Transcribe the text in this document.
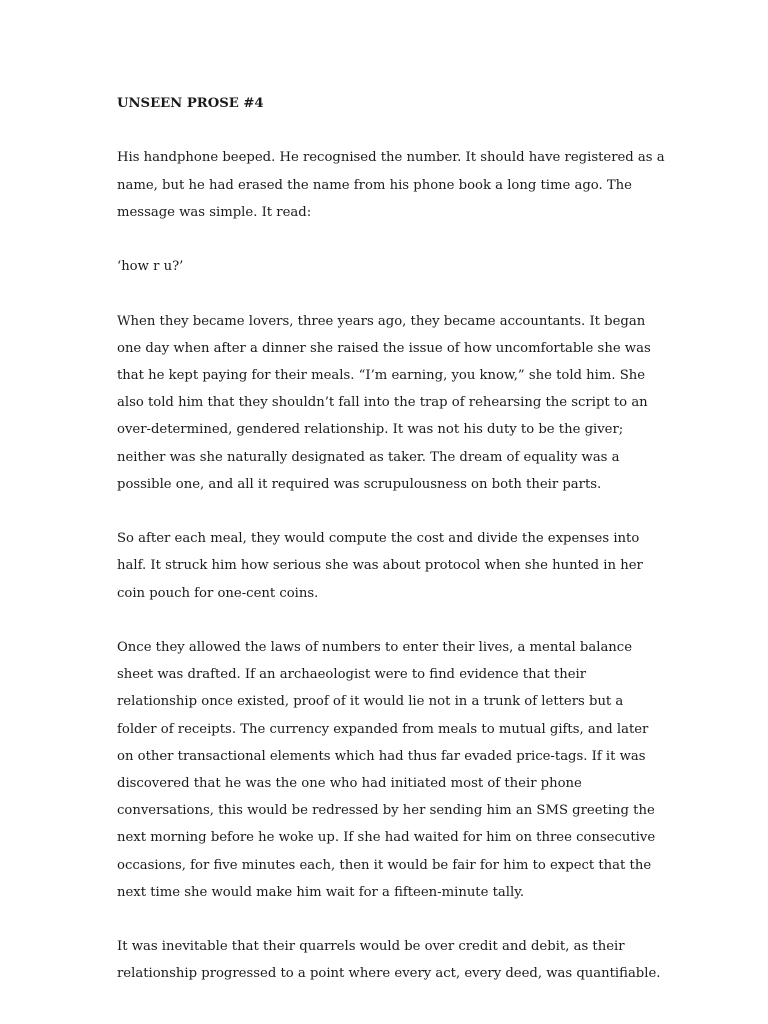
UNSEEN PROSE #4
His handphone beeped. He recognised the number. It should have registered as a
name, but he had erased the name from his phone book a long time ago. The
message was simple. It read:
‘how r u?’
When they became lovers, three years ago, they became accountants. It began
one day when after a dinner she raised the issue of how uncomfortable she was
that he kept paying for their meals. “I’m earning, you know,” she told him. She
also told him that they shouldn’t fall into the trap of rehearsing the script to an
over-determined, gendered relationship. It was not his duty to be the giver;
neither was she naturally designated as taker. The dream of equality was a
possible one, and all it required was scrupulousness on both their parts.
So after each meal, they would compute the cost and divide the expenses into
half. It struck him how serious she was about protocol when she hunted in her
coin pouch for one-cent coins.
Once they allowed the laws of numbers to enter their lives, a mental balance
sheet was drafted. If an archaeologist were to find evidence that their
relationship once existed, proof of it would lie not in a trunk of letters but a
folder of receipts. The currency expanded from meals to mutual gifts, and later
on other transactional elements which had thus far evaded price-tags. If it was
discovered that he was the one who had initiated most of their phone
conversations, this would be redressed by her sending him an SMS greeting the
next morning before he woke up. If she had waited for him on three consecutive
occasions, for five minutes each, then it would be fair for him to expect that the
next time she would make him wait for a fifteen-minute tally.
It was inevitable that their quarrels would be over credit and debit, as their
relationship progressed to a point where every act, every deed, was quantifiable.
